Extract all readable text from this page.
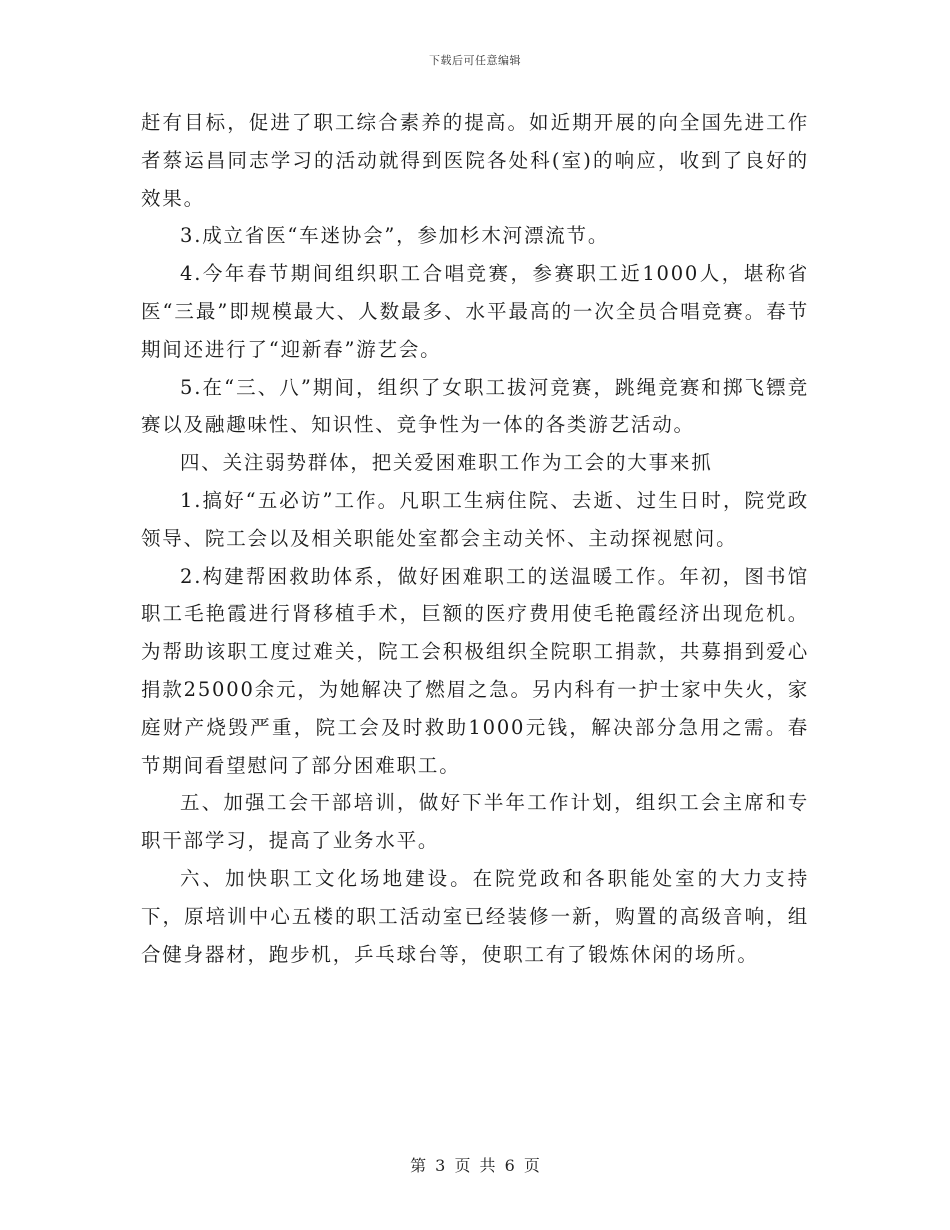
下载后可任意编辑

赶有目标，促进了职工综合素养的提高。如近期开展的向全国先进工作者蔡运昌同志学习的活动就得到医院各处科(室)的响应，收到了良好的效果。

3.成立省医“车迷协会”，参加杉木河漂流节。

4.今年春节期间组织职工合唱竞赛，参赛职工近1000人，堪称省医“三最”即规模最大、人数最多、水平最高的一次全员合唱竞赛。春节期间还进行了“迎新春”游艺会。

5.在“三、八”期间，组织了女职工拔河竞赛，跳绳竞赛和掷飞镖竞赛以及融趣味性、知识性、竞争性为一体的各类游艺活动。

四、关注弱势群体，把关爱困难职工作为工会的大事来抓

1.搞好“五必访”工作。凡职工生病住院、去逝、过生日时，院党政领导、院工会以及相关职能处室都会主动关怀、主动探视慰问。

2.构建帮困救助体系，做好困难职工的送温暖工作。年初，图书馆职工毛艳霞进行肾移植手术，巨额的医疗费用使毛艳霞经济出现危机。为帮助该职工度过难关，院工会积极组织全院职工捐款，共募捐到爱心捐款25000余元，为她解决了燃眉之急。另内科有一护士家中失火，家庭财产烧毁严重，院工会及时救助1000元钱，解决部分急用之需。春节期间看望慰问了部分困难职工。

五、加强工会干部培训，做好下半年工作计划，组织工会主席和专职干部学习，提高了业务水平。

六、加快职工文化场地建设。在院党政和各职能处室的大力支持下，原培训中心五楼的职工活动室已经装修一新，购置的高级音响，组合健身器材，跑步机，乒乓球台等，使职工有了锻炼休闲的场所。

第 3 页 共 6 页
